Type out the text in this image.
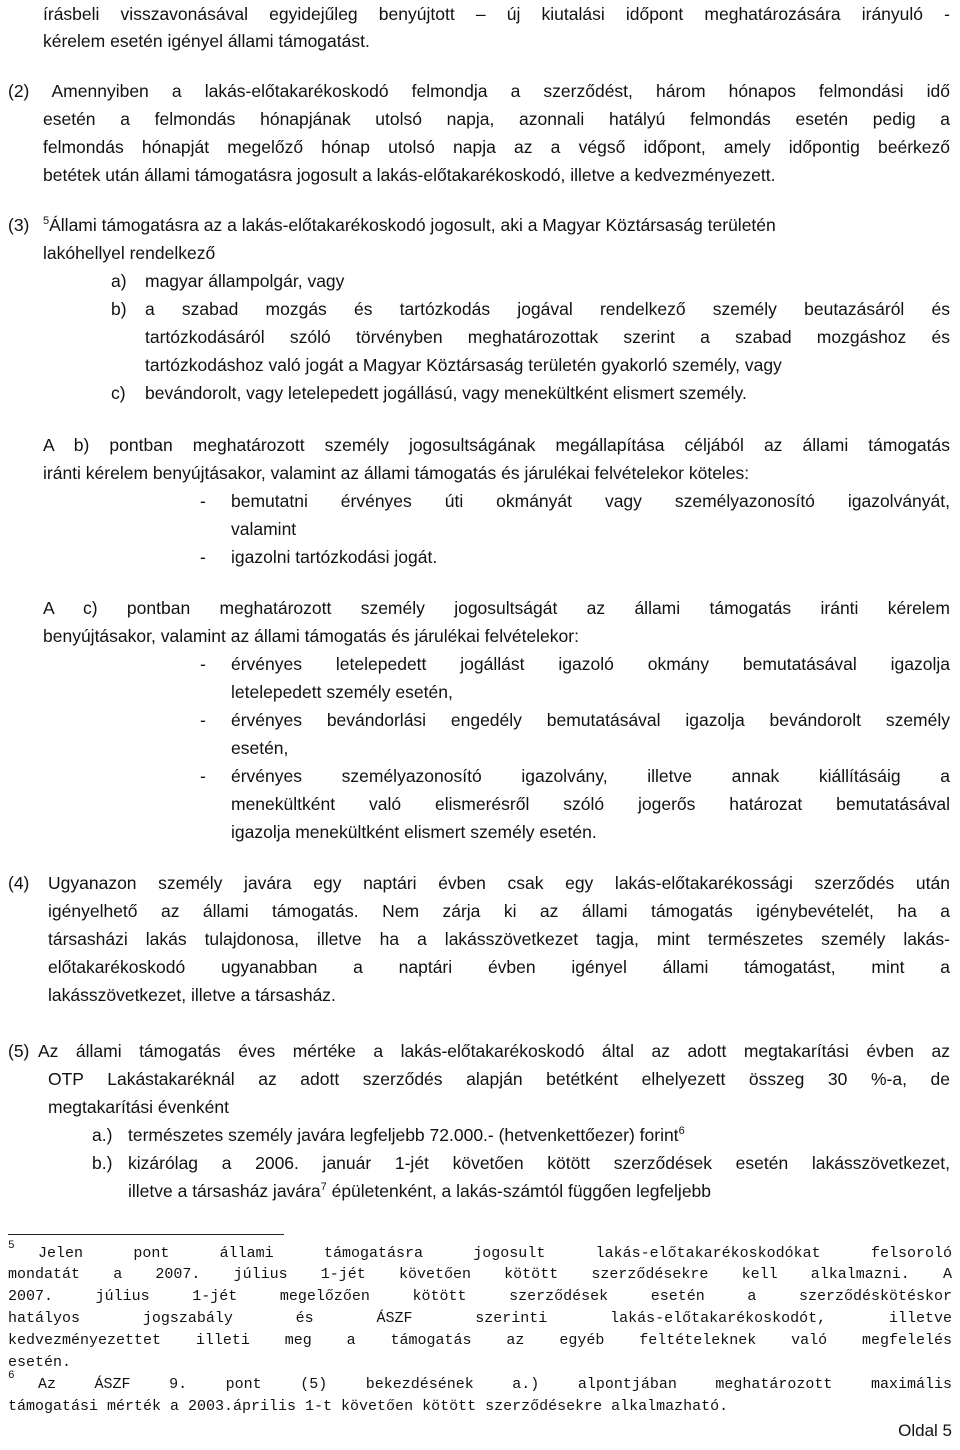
írásbeli visszavonásával egyidejűleg benyújtott – új kiutalási időpont meghatározására irányuló -
kérelem esetén igényel állami támogatást.
(2) Amennyiben a lakás-előtakarékoskodó felmondja a szerződést, három hónapos felmondási idő
esetén a felmondás hónapjának utolsó napja, azonnali hatályú felmondás esetén pedig a
felmondás hónapját megelőző hónap utolsó napja az a végső időpont, amely időpontig beérkező
betétek után állami támogatásra jogosult a lakás-előtakarékoskodó, illetve a kedvezményezett.
(3) $^5$Állami támogatásra az a lakás-előtakarékoskodó jogosult, aki a Magyar Köztársaság területén
lakóhellyel rendelkező
a) magyar állampolgár, vagy
b) a szabad mozgás és tartózkodás jogával rendelkező személy beutazásáról és
tartózkodásáról szóló törvényben meghatározottak szerint a szabad mozgáshoz és
tartózkodáshoz való jogát a Magyar Köztársaság területén gyakorló személy, vagy
c) bevándorolt, vagy letelepedett jogállású, vagy menekültként elismert személy.
A b) pontban meghatározott személy jogosultságának megállapítása céljából az állami támogatás
iránti kérelem benyújtásakor, valamint az állami támogatás és járulékai felvételekor köteles:
- bemutatni érvényes úti okmányát vagy személyazonosító igazolványát,
valamint
- igazolni tartózkodási jogát.
A c) pontban meghatározott személy jogosultságát az állami támogatás iránti kérelem
benyújtásakor, valamint az állami támogatás és járulékai felvételekor:
- érvényes letelepedett jogállást igazoló okmány bemutatásával igazolja
letelepedett személy esetén,
- érvényes bevándorlási engedély bemutatásával igazolja bevándorolt személy
esetén,
- érvényes személyazonosító igazolvány, illetve annak kiállításáig a
menekültként való elismerésről szóló jogerős határozat bemutatásával
igazolja menekültként elismert személy esetén.
(4) Ugyanazon személy javára egy naptári évben csak egy lakás-előtakarékossági szerződés után
igényelhető az állami támogatás. Nem zárja ki az állami támogatás igénybevételét, ha a
társasházi lakás tulajdonosa, illetve ha a lakásszövetkezet tagja, mint természetes személy lakás-
előtakarékoskodó ugyanabban a naptári évben igényel állami támogatást, mint a
lakásszövetkezet, illetve a társasház.
(5) Az állami támogatás éves mértéke a lakás-előtakarékoskodó által az adott megtakarítási évben az
OTP Lakástakaréknál az adott szerződés alapján betétként elhelyezett összeg 30 %-a, de
megtakarítási évenként
a.) természetes személy javára legfeljebb 72.000.- (hetvenkettőezer) forint$^6$
b.) kizárólag a 2006. január 1-jét követően kötött szerződések esetén lakásszövetkezet,
illetve a társasház javára$^7$ épületenként, a lakás-számtól függően legfeljebb
5 Jelen pont állami támogatásra jogosult lakás-előtakarékoskodókat felsoroló
mondatát a 2007. július 1-jét követően kötött szerződésekre kell alkalmazni. A
2007. július 1-jét megelőzően kötött szerződések esetén a szerződéskötéskor
hatályos jogszabály és ÁSZF szerinti lakás-előtakarékoskodót, illetve
kedvezményezettet illeti meg a támogatás az egyéb feltételeknek való megfelelés
esetén.
6 Az ÁSZF 9. pont (5) bekezdésének a.) alpontjában meghatározott maximális
támogatási mérték a 2003.április 1-t követően kötött szerződésekre alkalmazható.
Oldal 5
